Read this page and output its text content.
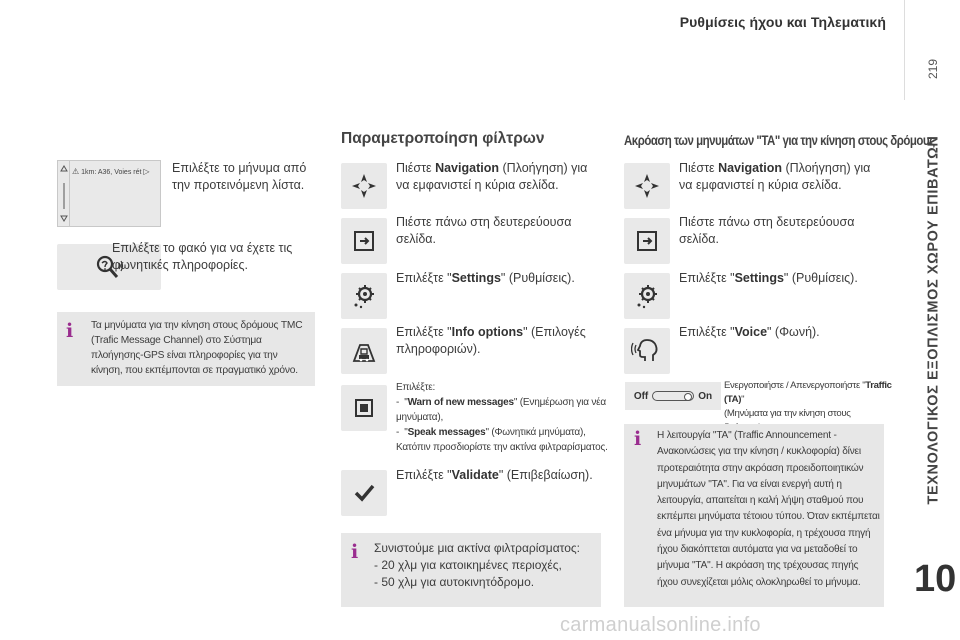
Ρυθμίσεις ήχου και Τηλεματική
219
ΤΕΧΝΟΛΟΓΙΚΟΣ ΕΞΟΠΛΙΣΜΟΣ ΧΩΡΟΥ ΕΠΙΒΑΤΩΝ
10
⚠ 1km: A36, Voies rét ▷ Επιλέξτε το μήνυμα από την προτεινόμενη λίστα.
Επιλέξτε το φακό για να έχετε τις φωνητικές πληροφορίες.
i Τα μηνύματα για την κίνηση στους δρόμους TMC (Trafic Message Channel) στο Σύστημα πλοήγησης-GPS είναι πληροφορίες για την κίνηση, που εκπέμπονται σε πραγματικό χρόνο.
Παραμετροποίηση φίλτρων
Πιέστε Navigation (Πλοήγηση) για να εμφανιστεί η κύρια σελίδα.
Πιέστε πάνω στη δευτερεύουσα σελίδα.
Επιλέξτε "Settings" (Ρυθμίσεις).
Επιλέξτε "Info options" (Επιλογές πληροφοριών).
Επιλέξτε:
-  "Warn of new messages" (Ενημέρωση για νέα μηνύματα),
-  "Speak messages" (Φωνητικά μηνύματα),
Κατόπιν προσδιορίστε την ακτίνα φιλτραρίσματος.
Επιλέξτε "Validate" (Επιβεβαίωση).
i Συνιστούμε μια ακτίνα φιλτραρίσματος:
- 20 χλμ για κατοικημένες περιοχές,
- 50 χλμ για αυτοκινητόδρομο.
Ακρόαση των μηνυμάτων "TA" για την κίνηση στους δρόμους
Πιέστε Navigation (Πλοήγηση) για να εμφανιστεί η κύρια σελίδα.
Πιέστε πάνω στη δευτερεύουσα σελίδα.
Επιλέξτε "Settings" (Ρυθμίσεις).
Επιλέξτε "Voice" (Φωνή).
Off	On
Ενεργοποιήστε / Απενεργοποιήστε "Traffic (TA)"
(Μηνύματα για την κίνηση στους
i Η λειτουργία "TA" (Traffic Announcement - Ανακοινώσεις για την κίνηση / κυκλοφορία) δίνει προτεραιότητα στην ακρόαση προειδοποιητικών μηνυμάτων "TA". Για να είναι ενεργή αυτή η λειτουργία, απαιτείται η καλή λήψη σταθμού που εκπέμπει μηνύματα τέτοιου τύπου. Όταν εκπέμπεται ένα μήνυμα για την κυκλοφορία, η τρέχουσα πηγή ήχου διακόπτεται αυτόματα για να μεταδοθεί το μήνυμα "TA". Η ακρόαση της τρέχουσας πηγής ήχου συνεχίζεται μόλις ολοκληρωθεί το μήνυμα.
carmanualsonline.info
